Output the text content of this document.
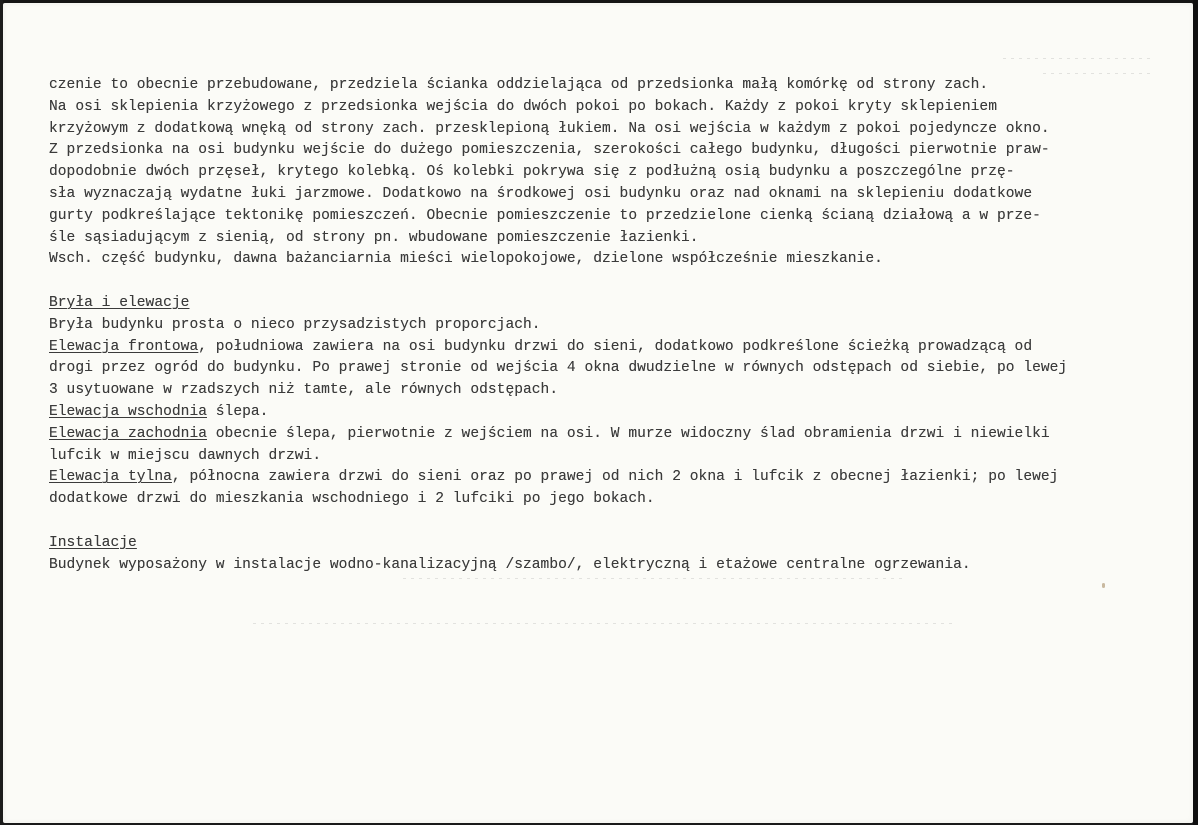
czenie to obecnie przebudowane, przedziela ścianka oddzielająca od przedsionka małą komórkę od strony zach.
Na osi sklepienia krzyżowego z przedsionka wejścia do dwóch pokoi po bokach. Każdy z pokoi kryty sklepieniem
krzyżowym z dodatkową wnęką od strony zach. przesklepioną łukiem. Na osi wejścia w każdym z pokoi pojedyncze okno.
Z przedsionka na osi budynku wejście do dużego pomieszczenia, szerokości całego budynku, długości pierwotnie praw-
dopodobnie dwóch przęseł, krytego kolebką. Oś kolebki pokrywa się z podłużną osią budynku a poszczególne przę-
sła wyznaczają wydatne łuki jarzmowe. Dodatkowo na środkowej osi budynku oraz nad oknami na sklepieniu dodatkowe
gurty podkreślające tektonikę pomieszczeń. Obecnie pomieszczenie to przedzielone cienką ścianą działową a w prze-
śle sąsiadującym z sienią, od strony pn. wbudowane pomieszczenie łazienki.
Wsch. część budynku, dawna bażanciarnia mieści wielopokojowe, dzielone współcześnie mieszkanie.
Bryła i elewacje
Bryła budynku prosta o nieco przysadzistych proporcjach.
Elewacja frontowa, południowa zawiera na osi budynku drzwi do sieni, dodatkowo podkreślone ścieżką prowadzącą od
drogi przez ogród do budynku. Po prawej stronie od wejścia 4 okna dwudzielne w równych odstępach od siebie, po lewej
3 usytuowane w rzadszych niż tamte, ale równych odstępach.
Elewacja wschodnia ślepa.
Elewacja zachodnia obecnie ślepa, pierwotnie z wejściem na osi. W murze widoczny ślad obramienia drzwi i niewielki
lufcik w miejscu dawnych drzwi.
Elewacja tylna, północna zawiera drzwi do sieni oraz po prawej od nich 2 okna i lufcik z obecnej łazienki; po lewej
dodatkowe drzwi do mieszkania wschodniego i 2 lufciki po jego bokach.
Instalacje
Budynek wyposażony w instalacje wodno-kanalizacyjną /szambo/, elektryczną i etażowe centralne ogrzewania.
